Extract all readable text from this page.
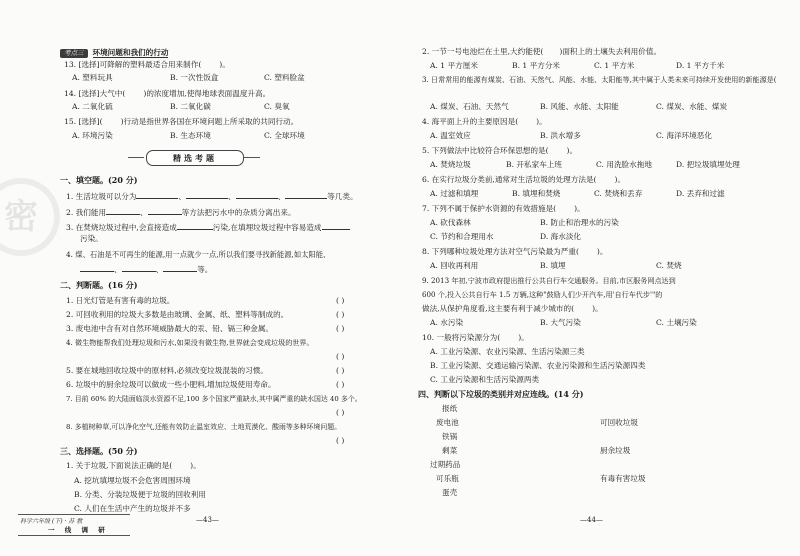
密
考点三 环境问题和我们的行动
13. [选择]可降解的塑料最适合用来制作( )。
A. 塑料玩具	B. 一次性饭盒	C. 塑料脸盆
14. [选择]大气中( )的浓度增加,使得地球表面温度升高。
A. 二氧化硫	B. 二氧化碳	C. 臭氧
15. [选择]( )行动是指世界各国在环境问题上所采取的共同行动。
A. 环境污染	B. 生态环境	C. 全球环境
精选考题
一、填空题。(20 分)
1. 生活垃圾可以分为	、	、	、	等几类。
2. 我们能用	、	等方法把污水中的杂质分离出来。
3. 在焚烧垃圾过程中,会直接造成	污染,在填埋垃圾过程中容易造成
污染。
4. 煤、石油是不可再生的能源,用一点就少一点,所以我们要寻找新能源,如太阳能、
、	、	等。
二、判断题。(16 分)
1. 日光灯管是有害有毒的垃圾。	( )
2. 可回收利用的垃圾大多数是由玻璃、金属、纸、塑料等制成的。	( )
3. 废电池中含有对自然环境威胁最大的汞、铅、镉三种金属。	( )
4. 微生物能帮我们处理垃圾和污水,如果没有微生物,世界就会变成垃圾的世界。
( )
5. 要在城地回收垃圾中的原材料,必须改变垃圾混装的习惯。	( )
6. 垃圾中的厨余垃圾可以做成一些小肥料,增加垃圾使用寿命。	( )
7. 目前 60% 的大陆面临淡水资源不足,100 多个国家严重缺水,其中属严重的缺水国达 40 多个。
( )
8. 多植树种草,可以净化空气,还能有效防止温室效应、土地荒漠化、酸雨等多种环境问题。
( )
三、选择题。(50 分)
1. 关于垃圾,下面说法正确的是( )。
A. 挖坑填埋垃圾不会危害周围环境
B. 分类、分装垃圾便于垃圾的回收利用
C. 人们在生活中产生的垃圾并不多
科学六年级 (下) · 苏 教
一 线 调 研
—43—
2. 一节一号电池烂在土里,大约能使( )面积上的土壤失去利用价值。
A. 1 平方厘米	B. 1 平方分米	C. 1 平方米	D. 1 平方千米
3. 日常常用的能源有煤炭、石油、天然气、风能、水能、太阳能等,其中属于人类未来可持续开发使用的新能源是(
A. 煤炭、石油、天然气	B. 风能、水能、太阳能	C. 煤炭、水能、煤炭
4. 海平面上升的主要原因是( )。
A. 温室效应	B. 洪水增多	C. 海洋环境恶化
5. 下列做法中比较符合环保思想的是( )。
A. 焚烧垃圾	B. 开私家车上班	C. 用洗脸水拖地	D. 把垃圾填埋处理
6. 在实行垃圾分类前,通常对生活垃圾的处理方法是( )。
A. 过滤和填埋	B. 填埋和焚烧	C. 焚烧和丢弃	D. 丢弃和过滤
7. 下列不属于保护水资源的有效措施是( )。
A. 砍伐森林	B. 防止和治理水的污染
C. 节约和合理用水	D. 海水淡化
8. 下列哪种垃圾处理方法对空气污染最为严重( )。
A. 回收再利用	B. 填埋	C. 焚烧
9. 2013 年初,宁波市政府提出推行公共自行车交通服务。目前,市区服务网点达到
600 个,投入公共自行车 1.5 万辆,这种"鼓励人们少开汽车,用'自行车代步'"的
做法,从保护角度看,这主要有利于减少城市的( )。
A. 水污染	B. 大气污染	C. 土壤污染
10. 一般将污染源分为( )。
A. 工业污染源、农业污染源、生活污染源三类
B. 工业污染源、交通运输污染源、农业污染源和生活污染源四类
C. 工业污染源和生活污染源两类
四、判断以下垃圾的类别并对应连线。(14 分)
报纸
废电池
铁锅
剩菜
过期药品
可乐瓶
蛋壳
可回收垃圾
厨余垃圾
有毒有害垃圾
—44—
